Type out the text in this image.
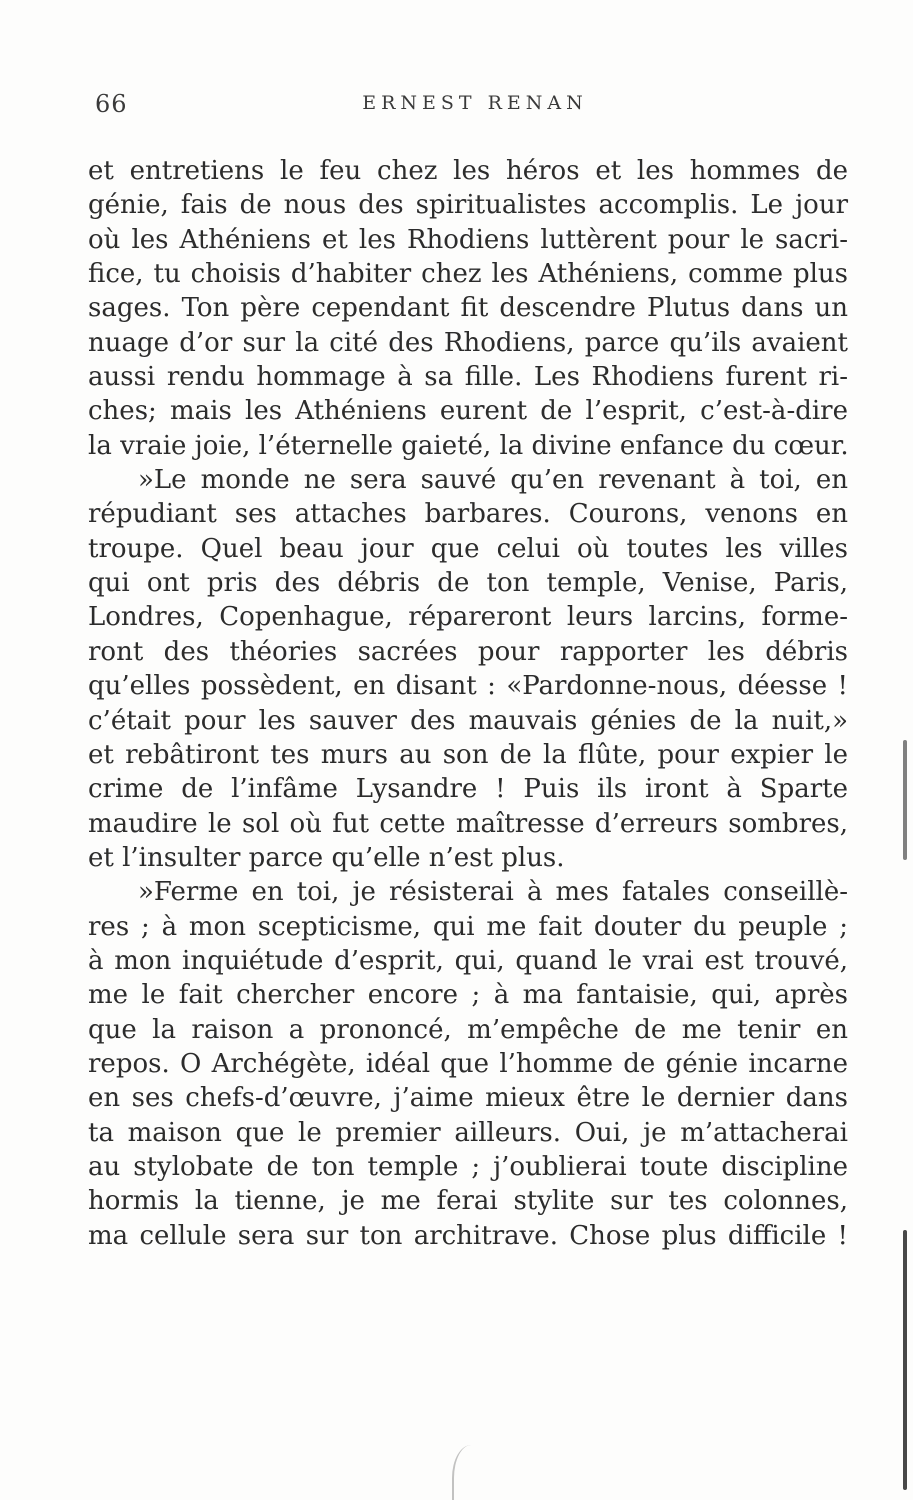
66	ERNEST RENAN
et entretiens le feu chez les héros et les hommes de
génie, fais de nous des spiritualistes accomplis. Le jour
où les Athéniens et les Rhodiens luttèrent pour le sacri-
fice, tu choisis d’habiter chez les Athéniens, comme plus
sages. Ton père cependant fit descendre Plutus dans un
nuage d’or sur la cité des Rhodiens, parce qu’ils avaient
aussi rendu hommage à sa fille. Les Rhodiens furent ri-
ches; mais les Athéniens eurent de l’esprit, c’est-à-dire
la vraie joie, l’éternelle gaieté, la divine enfance du cœur.
»Le monde ne sera sauvé qu’en revenant à toi, en
répudiant ses attaches barbares. Courons, venons en
troupe. Quel beau jour que celui où toutes les villes
qui ont pris des débris de ton temple, Venise, Paris,
Londres, Copenhague, répareront leurs larcins, forme-
ront des théories sacrées pour rapporter les débris
qu’elles possèdent, en disant : «Pardonne-nous, déesse !
c’était pour les sauver des mauvais génies de la nuit,»
et rebâtiront tes murs au son de la flûte, pour expier le
crime de l’infâme Lysandre ! Puis ils iront à Sparte
maudire le sol où fut cette maîtresse d’erreurs sombres,
et l’insulter parce qu’elle n’est plus.
»Ferme en toi, je résisterai à mes fatales conseillè-
res ; à mon scepticisme, qui me fait douter du peuple ;
à mon inquiétude d’esprit, qui, quand le vrai est trouvé,
me le fait chercher encore ; à ma fantaisie, qui, après
que la raison a prononcé, m’empêche de me tenir en
repos. O Archégète, idéal que l’homme de génie incarne
en ses chefs-d’œuvre, j’aime mieux être le dernier dans
ta maison que le premier ailleurs. Oui, je m’attacherai
au stylobate de ton temple ; j’oublierai toute discipline
hormis la tienne, je me ferai stylite sur tes colonnes,
ma cellule sera sur ton architrave. Chose plus difficile !
